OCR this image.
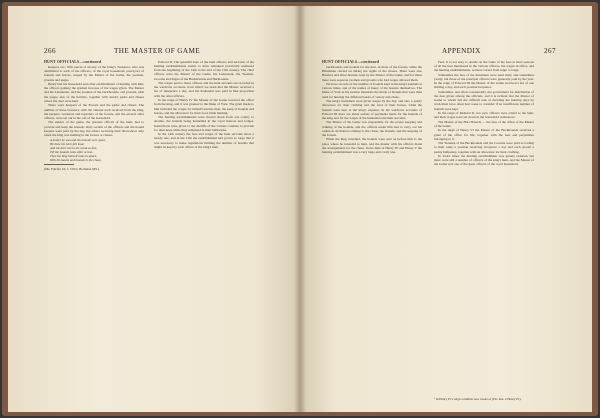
266	THE MASTER OF GAME

HUNT OFFICIALS—continued

Keepers etc.; fifth parcel of money of the King's Treasurer, who was distributed to each of the officers, of the royal household, purveyors of hounds and horses, waged by the Master of the Game, the yeomen, grooms and pages.

Henry had his household and other establishment of hunting with him; the officers gaining the gradual increase of the wages given. The Master and his Lieutenant, and the yeomen of the buckhounds, and grooms, with the pages, also of the harriers, together with sundry parks and chases where the deer were kept.

There were Keepers of the Forests and the parks and chases. The number of these foresters, with the amount each received from the king, the keepers, verderers and regarders of the forests, and the several other officers, were set out in the roll of the household.

The master of the game, the greatest official of the hunt, had to provide and keep the hounds. Only certain of the officers and the hound keepers were paid by the day, the others receiving their allowances only when the king was hunting in the forests or chases.

A hunter he was and his hounds were good,
He blew his horn full loud,
And the deer ran in the wood so fast,
Till the hounds came after at last.
Then the king himself rode on apace,
With his hawks and hounds in the chase.

(Ms. Fairfax 16, f. 316 b; Bodleian MS.)

Edward II. The splendid state of the hunt officers and servants of the hunting establishments seems to have remained practically unaltered from the beginning of the 14th to the end of the 15th century. The chief officers were the Master of the Game, his Lieutenant, the Yeomen, Grooms and Pages of the Buckhounds and Harthounds.

The wages paid to these officers and the hunt servants are recorded in the wardrobe accounts, from which we learn that the Master received a fee of ninepence a day, and his lieutenant was paid in like proportion with the other officers.

In the reign of Henry IV the Master of the Game received the office from the king, and it was granted to the Duke of York. The grant made to him included the wages for himself and his men, the keep of hounds and horses, and the allowance for their food while hunting.

The hunting establishments were moved about from one county to another, the hounds being kennelled in the royal manors and lodges. Instructions were given to the sheriffs of the various counties to provide for their keep while they remained in their bailiwicks.

In the 14th century the fees and wages of the hunt servants show a steady rise, and in the 15th the establishment had grown so large that it was necessary to make regulations limiting the number of hounds that might be kept by each officer of the king's hunt.

APPENDIX	267

HUNT OFFICIALS—continued

buckhounds and hounds for the hart, in most of the forests, while the Huntsman carried on during the rights of the chases. There were also Harriers and Otter-hounds, kept by the Master of the Game, and for these there were separate yeomen and grooms who had wages allowed them.

We have records of the number of hounds kept in the king's kennels at various times, and of the names of many of the hounds themselves. The Duke of York in his treatise mentions the kinds of hounds that were then used for hunting the different beasts of venery and chase.

The king's huntsmen were given wages by the day, and also a yearly allowance for their clothing and the food of their horses, while the hounds were kept at the king's expense. In the wardrobe accounts of Edward III there are many entries of payments made for the hounds of the king and for the wages of the huntsmen and their servants.

The Master of the Game was responsible for the proper keeping and training of the hounds, and the officers under him had to carry out his orders in all matters relating to the chase, the hounds, and the keeping of the forests.

When the king travelled, the hounds were sent on before him to the place where he intended to hunt, and the master with his officers made the arrangements for the chase. In the time of Henry IV and Henry V the hunting establishment was a very large and costly one.

Fees. It is not easy to decide on the value of the fees at most seasons of all the fees mentioned in the various officers, the wages in office, and the hunting establishments, as these varied from reign to reign.

Sometimes the fees of the huntsmen were paid daily, and sometimes yearly, but those of the principal officers were generally paid by the year. In the reign of Edward III the Master of the Game received a fee of one shilling a day, and each yeoman twopence.

Sometimes, and often considerably, the government for distribution of the deer given among the officials, and it is evident that the Master of Game to whom fell the difficult task of deciding the hunting days by wish must have often had cause to consider if an insufficient number of hounds were kept.

In the reign of Richard II, two new officers were added to the hunt, and their wages were set down in the household ordinances:

The Master of the Hart Hounds — the fees of the office of the Master of the Game.

In the reign of Henry VI the Master of the Buckhounds received a grant of the office for life, together with the fees and perquisites belonging to it.

The Yeomen of the Buckhounds and the Grooms were paid according to their rank; a yeoman receiving twopence a day and each groom a penny halfpenny, together with an allowance for their clothing.

In Tudor times the hunting establishment was greatly reduced, but there were still a number of officers of the king's hunt, and the Master of the Game was one of the great officers of the royal household.

¹ In Henry IV's reign a number new books of (Pat. Rot. 4 Henry IV).
